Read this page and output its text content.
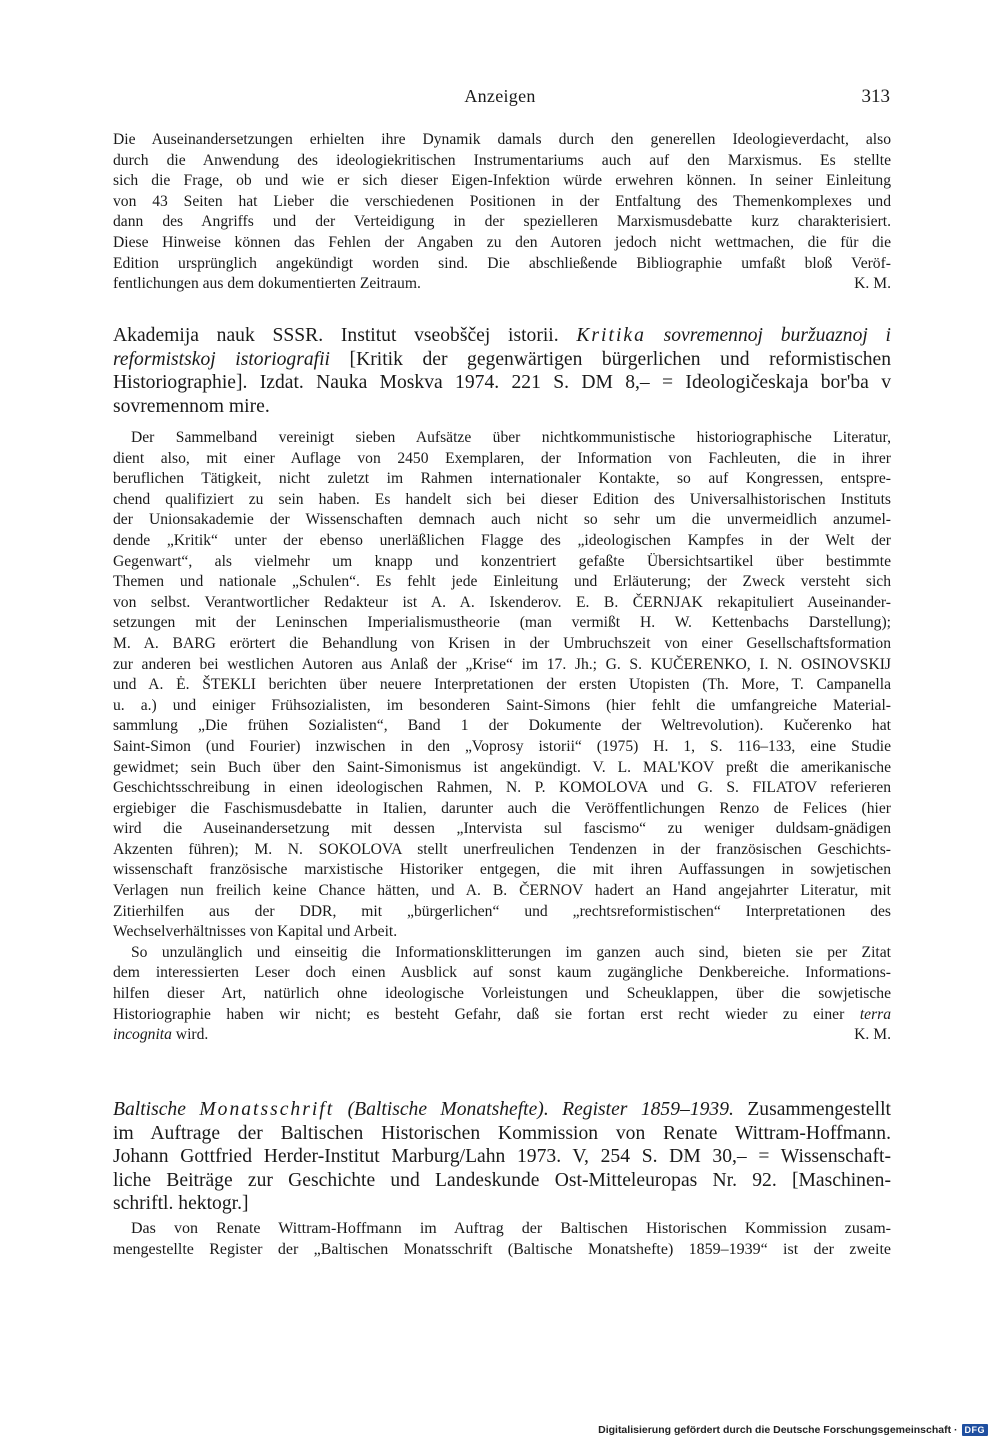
Anzeigen	313
Die Auseinandersetzungen erhielten ihre Dynamik damals durch den generellen Ideologieverdacht, also
durch die Anwendung des ideologiekritischen Instrumentariums auch auf den Marxismus. Es stellte
sich die Frage, ob und wie er sich dieser Eigen-Infektion würde erwehren können. In seiner Einleitung
von 43 Seiten hat Lieber die verschiedenen Positionen in der Entfaltung des Themenkomplexes und
dann des Angriffs und der Verteidigung in der spezielleren Marxismusdebatte kurz charakterisiert.
Diese Hinweise können das Fehlen der Angaben zu den Autoren jedoch nicht wettmachen, die für die
Edition ursprünglich angekündigt worden sind. Die abschließende Bibliographie umfaßt bloß Veröf-
fentlichungen aus dem dokumentierten Zeitraum.	K. M.
Akademija nauk SSSR. Institut vseobščej istorii. Kritika sovremennoj buržuaznoj i
reformistskoj istoriografii [Kritik der gegenwärtigen bürgerlichen und reformistischen
Historiographie]. Izdat. Nauka Moskva 1974. 221 S. DM 8,– = Ideologičeskaja bor'ba v
sovremennom mire.
Der Sammelband vereinigt sieben Aufsätze über nichtkommunistische historiographische Literatur,
dient also, mit einer Auflage von 2450 Exemplaren, der Information von Fachleuten, die in ihrer
beruflichen Tätigkeit, nicht zuletzt im Rahmen internationaler Kontakte, so auf Kongressen, entspre-
chend qualifiziert zu sein haben. Es handelt sich bei dieser Edition des Universalhistorischen Instituts
der Unionsakademie der Wissenschaften demnach auch nicht so sehr um die unvermeidlich anzumel-
dende „Kritik“ unter der ebenso unerläßlichen Flagge des „ideologischen Kampfes in der Welt der
Gegenwart“, als vielmehr um knapp und konzentriert gefaßte Übersichtsartikel über bestimmte
Themen und nationale „Schulen“. Es fehlt jede Einleitung und Erläuterung; der Zweck versteht sich
von selbst. Verantwortlicher Redakteur ist A. A. Iskenderov. E. B. ČERNJAK rekapituliert Auseinander-
setzungen mit der Leninschen Imperialismustheorie (man vermißt H. W. Kettenbachs Darstellung);
M. A. BARG erörtert die Behandlung von Krisen in der Umbruchszeit von einer Gesellschaftsformation
zur anderen bei westlichen Autoren aus Anlaß der „Krise“ im 17. Jh.; G. S. KUČERENKO, I. N. OSINOVSKIJ
und A. Ė. ŠTEKLI berichten über neuere Interpretationen der ersten Utopisten (Th. More, T. Campanella
u. a.) und einiger Frühsozialisten, im besonderen Saint-Simons (hier fehlt die umfangreiche Material-
sammlung „Die frühen Sozialisten“, Band 1 der Dokumente der Weltrevolution). Kučerenko hat
Saint-Simon (und Fourier) inzwischen in den „Voprosy istorii“ (1975) H. 1, S. 116–133, eine Studie
gewidmet; sein Buch über den Saint-Simonismus ist angekündigt. V. L. MAL'KOV preßt die amerikanische
Geschichtsschreibung in einen ideologischen Rahmen, N. P. KOMOLOVA und G. S. FILATOV referieren
ergiebiger die Faschismusdebatte in Italien, darunter auch die Veröffentlichungen Renzo de Felices (hier
wird die Auseinandersetzung mit dessen „Intervista sul fascismo“ zu weniger duldsam-gnädigen
Akzenten führen); M. N. SOKOLOVA stellt unerfreulichen Tendenzen in der französischen Geschichts-
wissenschaft französische marxistische Historiker entgegen, die mit ihren Auffassungen in sowjetischen
Verlagen nun freilich keine Chance hätten, und A. B. ČERNOV hadert an Hand angejahrter Literatur, mit
Zitierhilfen aus der DDR, mit „bürgerlichen“ und „rechtsreformistischen“ Interpretationen des
Wechselverhältnisses von Kapital und Arbeit.
So unzulänglich und einseitig die Informationsklitterungen im ganzen auch sind, bieten sie per Zitat
dem interessierten Leser doch einen Ausblick auf sonst kaum zugängliche Denkbereiche. Informations-
hilfen dieser Art, natürlich ohne ideologische Vorleistungen und Scheuklappen, über die sowjetische
Historiographie haben wir nicht; es besteht Gefahr, daß sie fortan erst recht wieder zu einer terra
incognita wird.	K. M.
Baltische Monatsschrift (Baltische Monatshefte). Register 1859–1939. Zusammengestellt
im Auftrage der Baltischen Historischen Kommission von Renate Wittram-Hoffmann.
Johann Gottfried Herder-Institut Marburg/Lahn 1973. V, 254 S. DM 30,– = Wissenschaft-
liche Beiträge zur Geschichte und Landeskunde Ost-Mitteleuropas Nr. 92. [Maschinen-
schriftl. hektogr.]
Das von Renate Wittram-Hoffmann im Auftrag der Baltischen Historischen Kommission zusam-
mengestellte Register der „Baltischen Monatsschrift (Baltische Monatshefte) 1859–1939“ ist der zweite
Digitalisierung gefördert durch die Deutsche Forschungsgemeinschaft · DFG
